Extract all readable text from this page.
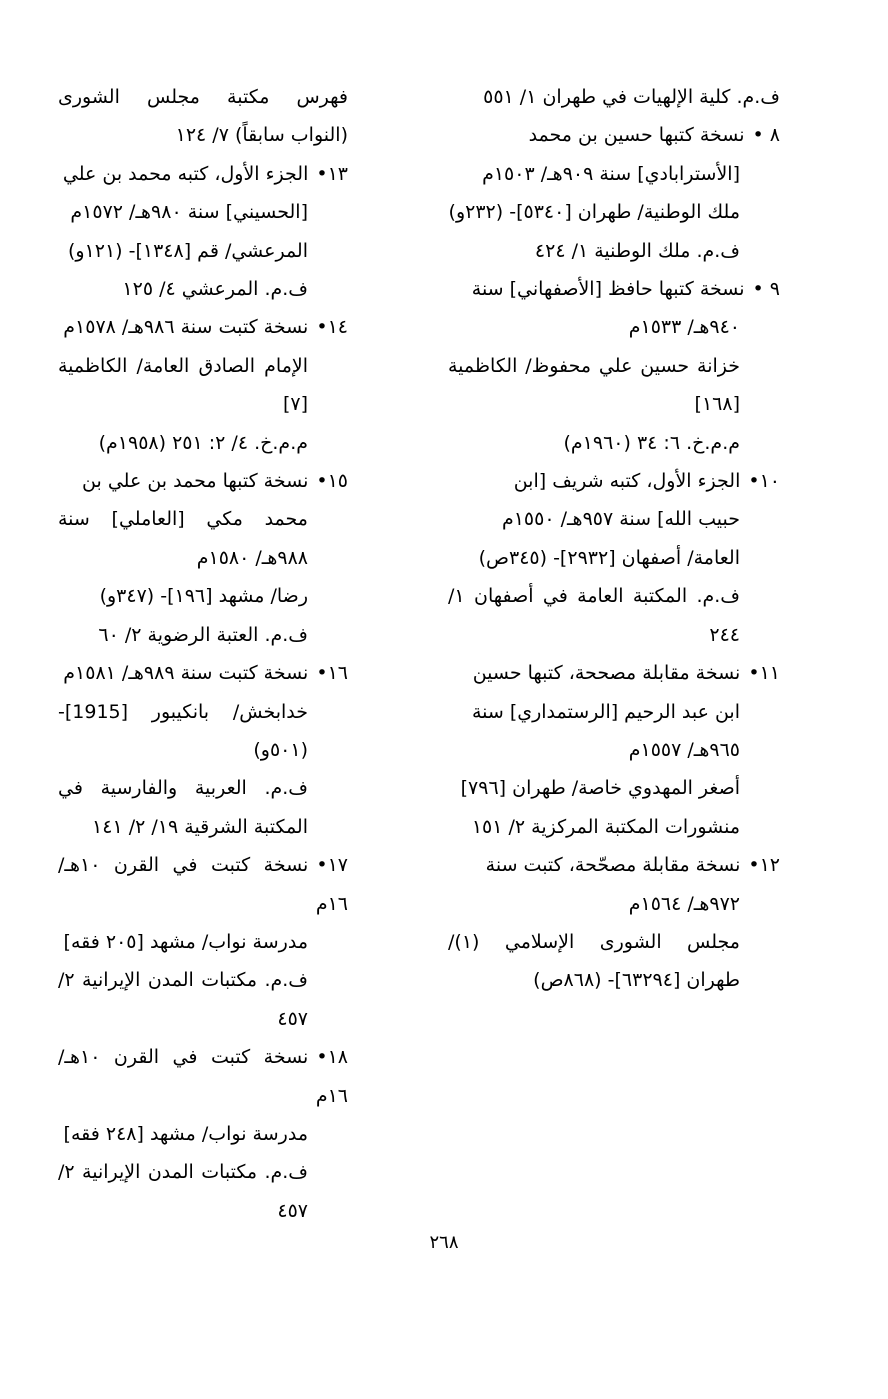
ف.م. كلية الإلهيات في طهران ١/ ٥٥١

٨ •نسخة كتبها حسين بن محمد

[الأسترابادي] سنة ٩٠٩هـ/ ١٥٠٣م

ملك الوطنية/ طهران [٥٣٤٠]- (٢٣٢و)

ف.م. ملك الوطنية ١/ ٤٢٤

٩ •نسخة كتبها حافظ [الأصفهاني] سنة

٩٤٠هـ/ ١٥٣٣م

خزانة حسين علي محفوظ/ الكاظمية [١٦٨]

م.م.خ. ٦: ٣٤ (١٩٦٠م)

١٠•الجزء الأول، كتبه شريف [ابن

حبيب الله] سنة ٩٥٧هـ/ ١٥٥٠م

العامة/ أصفهان [٢٩٣٢]- (٣٤٥ص)

ف.م. المكتبة العامة في أصفهان ١/ ٢٤٤

١١•نسخة مقابلة مصححة، كتبها حسين

ابن عبد الرحيم [الرستمداري] سنة

٩٦٥هـ/ ١٥٥٧م

أصغر المهدوي خاصة/ طهران [٧٩٦]

منشورات المكتبة المركزية ٢/ ١٥١

١٢•نسخة مقابلة مصحّحة، كتبت سنة

٩٧٢هـ/ ١٥٦٤م

مجلس الشورى الإسلامي (١)/ طهران [٦٣٢٩٤]- (٨٦٨ص)

فهرس مكتبة مجلس الشورى (النواب سابقاً) ٧/ ١٢٤

١٣•الجزء الأول، كتبه محمد بن علي

[الحسيني] سنة ٩٨٠هـ/ ١٥٧٢م

المرعشي/ قم [١٣٤٨]- (١٢١و)

ف.م. المرعشي ٤/ ١٢٥

١٤•نسخة كتبت سنة ٩٨٦هـ/ ١٥٧٨م

الإمام الصادق العامة/ الكاظمية [٧]

م.م.خ. ٤/ ٢: ٢٥١ (١٩٥٨م)

١٥•نسخة كتبها محمد بن علي بن

محمد مكي [العاملي] سنة ٩٨٨هـ/ ١٥٨٠م

رضا/ مشهد [١٩٦]- (٣٤٧و)

ف.م. العتبة الرضوية ٢/ ٦٠

١٦•نسخة كتبت سنة ٩٨٩هـ/ ١٥٨١م

خدابخش/ بانكيبور [1915]- (٥٠١و)

ف.م. العربية والفارسية في المكتبة الشرقية ١٩/ ٢/ ١٤١

١٧•نسخة كتبت في القرن ١٠هـ/ ١٦م

مدرسة نواب/ مشهد [٢٠٥ فقه]

ف.م. مكتبات المدن الإيرانية ٢/ ٤٥٧

١٨•نسخة كتبت في القرن ١٠هـ/ ١٦م

مدرسة نواب/ مشهد [٢٤٨ فقه]

ف.م. مكتبات المدن الإيرانية ٢/ ٤٥٧

٢٦٨
